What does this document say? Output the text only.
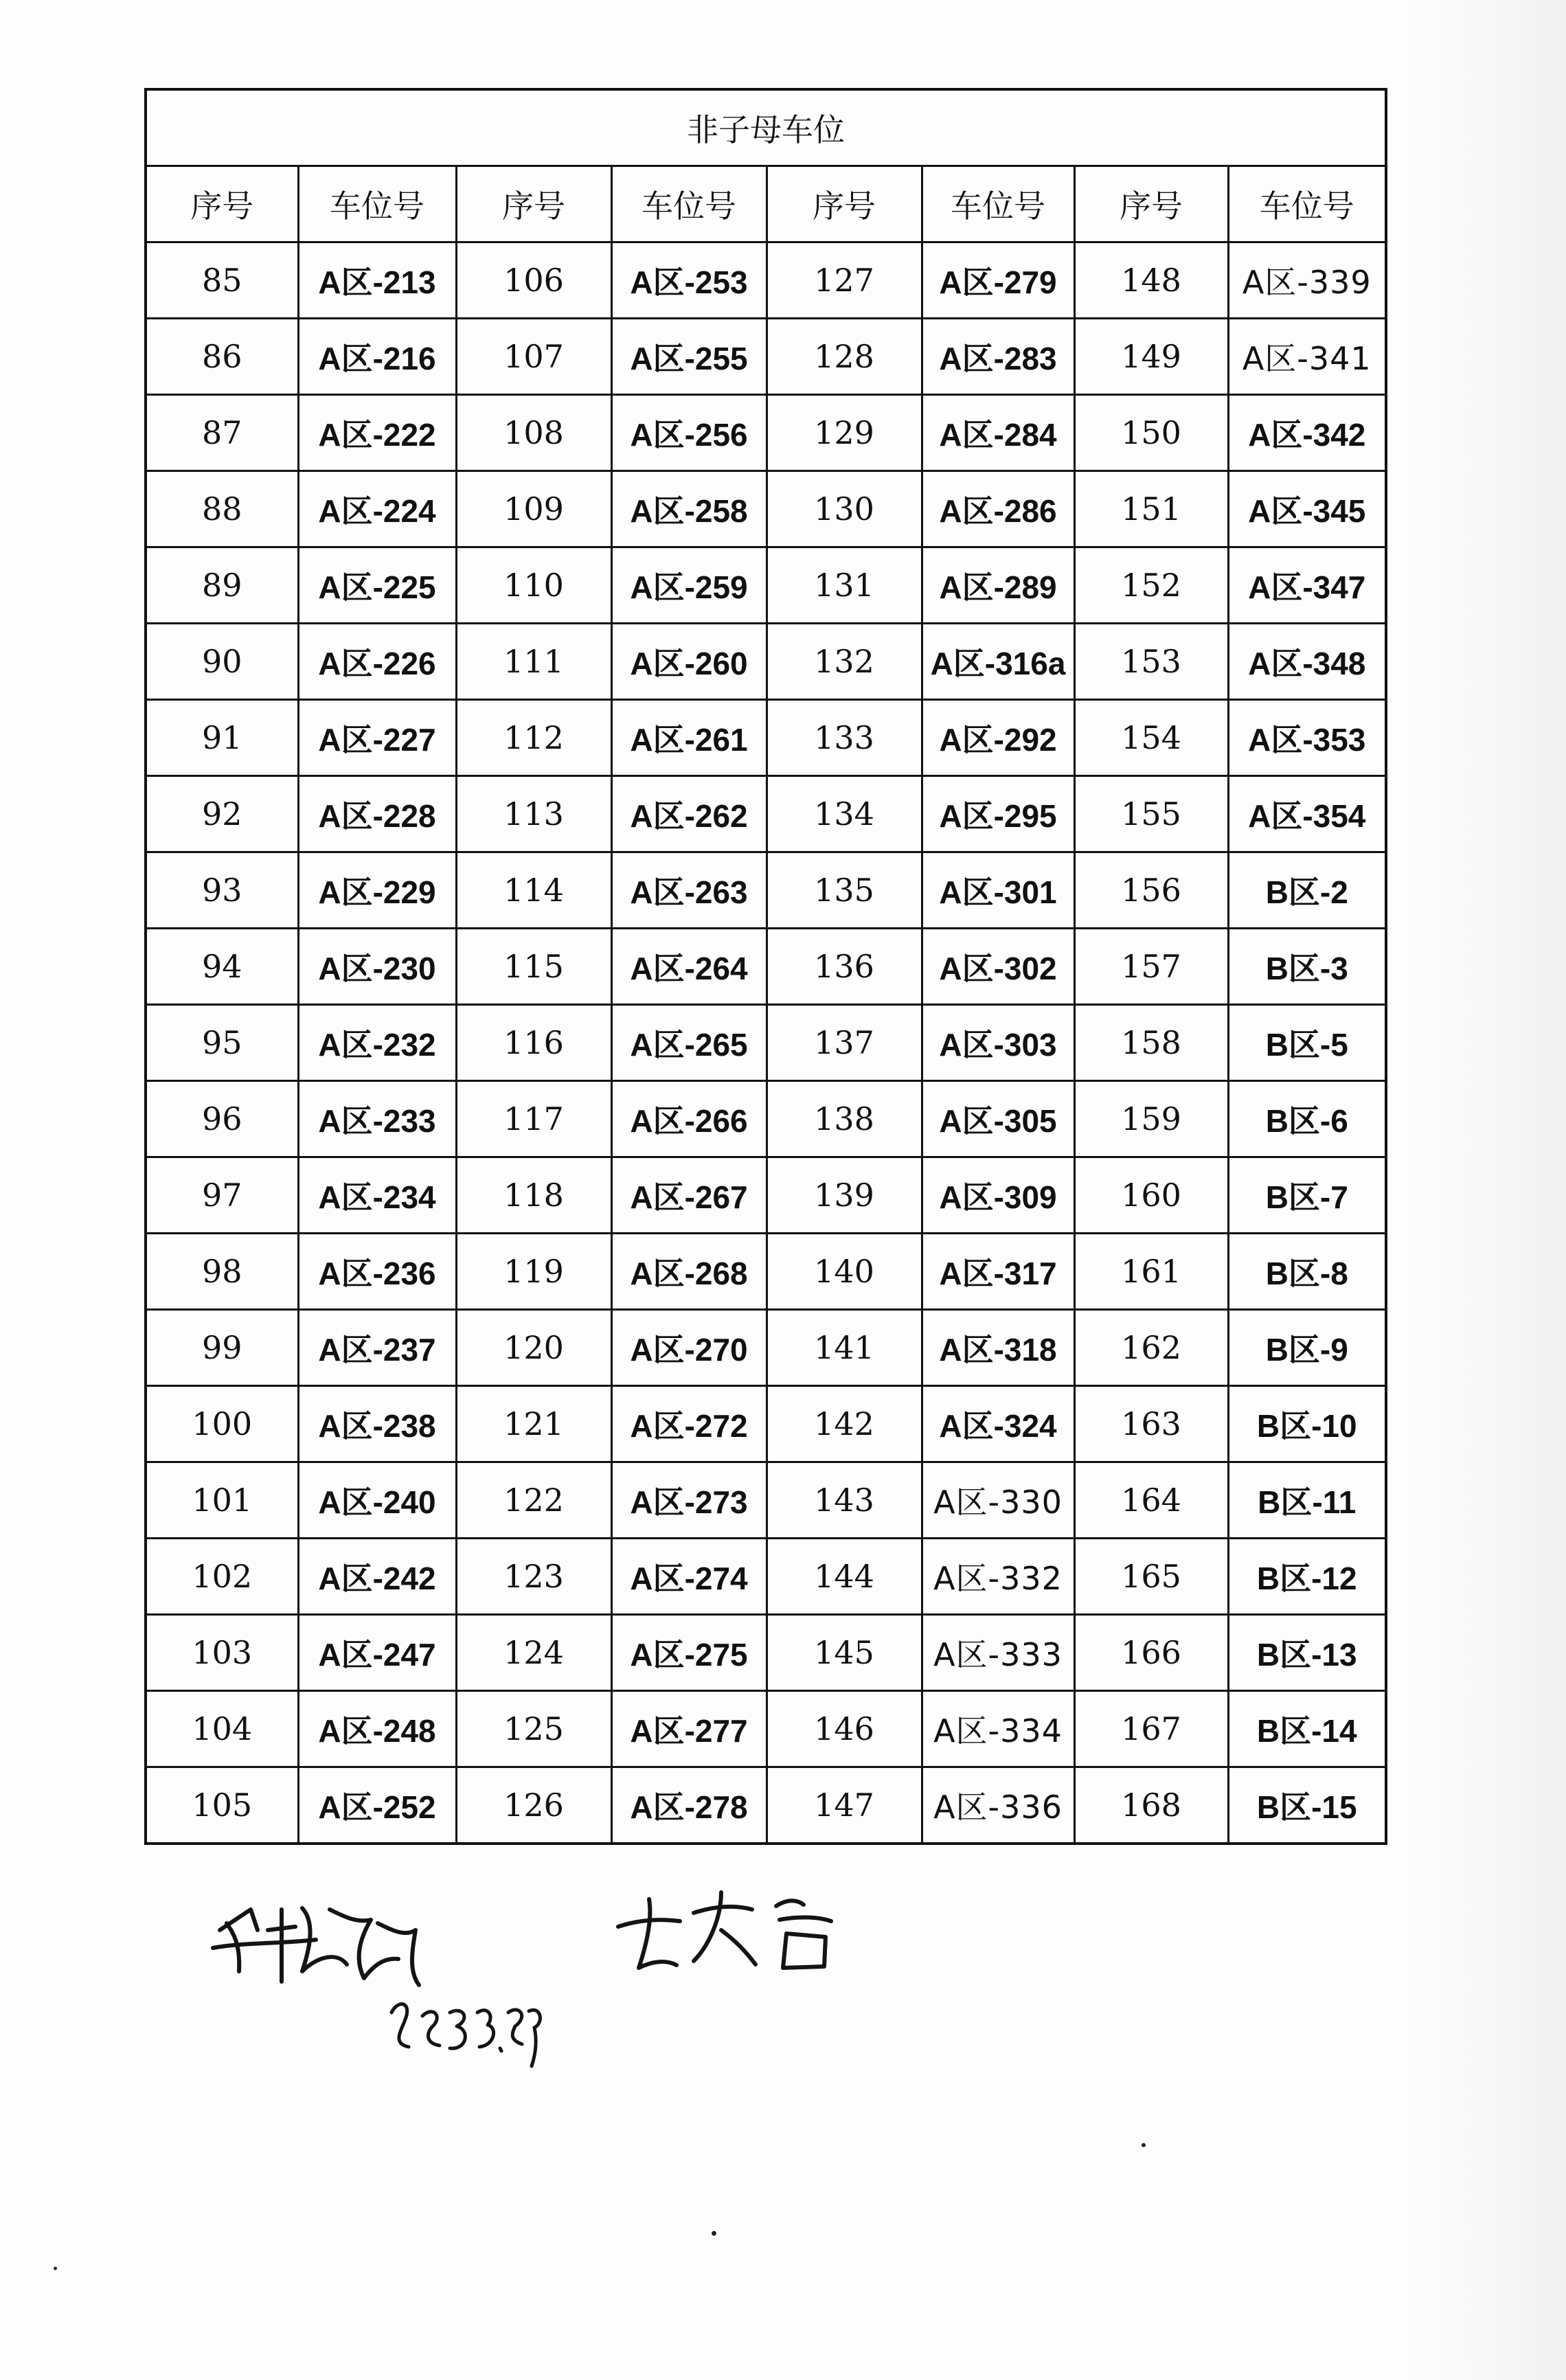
非子母车位							
序号	车位号	序号	车位号	序号	车位号	序号	车位号
85	A区-213	106	A区-253	127	A区-279	148	A区-339
86	A区-216	107	A区-255	128	A区-283	149	A区-341
87	A区-222	108	A区-256	129	A区-284	150	A区-342
88	A区-224	109	A区-258	130	A区-286	151	A区-345
89	A区-225	110	A区-259	131	A区-289	152	A区-347
90	A区-226	111	A区-260	132	A区-316a	153	A区-348
91	A区-227	112	A区-261	133	A区-292	154	A区-353
92	A区-228	113	A区-262	134	A区-295	155	A区-354
93	A区-229	114	A区-263	135	A区-301	156	B区-2
94	A区-230	115	A区-264	136	A区-302	157	B区-3
95	A区-232	116	A区-265	137	A区-303	158	B区-5
96	A区-233	117	A区-266	138	A区-305	159	B区-6
97	A区-234	118	A区-267	139	A区-309	160	B区-7
98	A区-236	119	A区-268	140	A区-317	161	B区-8
99	A区-237	120	A区-270	141	A区-318	162	B区-9
100	A区-238	121	A区-272	142	A区-324	163	B区-10
101	A区-240	122	A区-273	143	A区-330	164	B区-11
102	A区-242	123	A区-274	144	A区-332	165	B区-12
103	A区-247	124	A区-275	145	A区-333	166	B区-13
104	A区-248	125	A区-277	146	A区-334	167	B区-14
105	A区-252	126	A区-278	147	A区-336	168	B区-15
